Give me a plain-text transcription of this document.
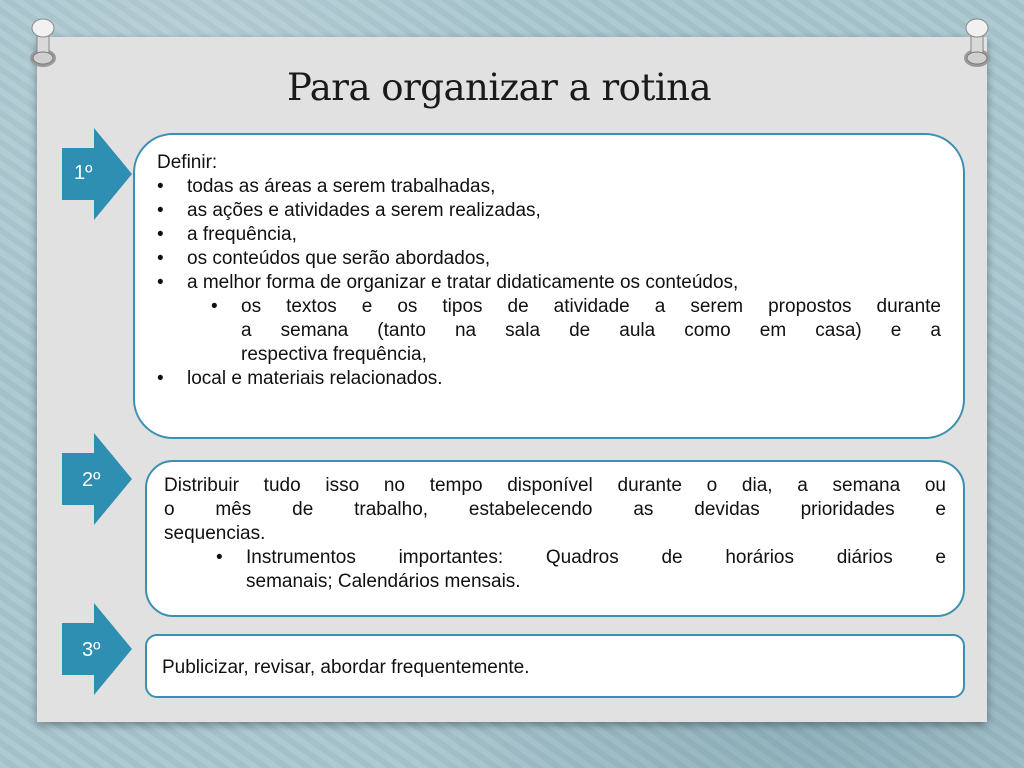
Para organizar a rotina
1º	Definir:
•	todas as áreas a serem trabalhadas,
•	as ações e atividades a serem realizadas,
•	a frequência,
•	os conteúdos que serão abordados,
•	a melhor forma de organizar e tratar didaticamente os conteúdos,
• os textos e os tipos de atividade a serem propostos durante
a semana (tanto na sala de aula como em casa) e a
respectiva frequência,
•	local e materiais relacionados.
2º	Distribuir tudo isso no tempo disponível durante o dia, a semana ou
o mês de trabalho, estabelecendo as devidas prioridades e
sequencias.
• Instrumentos importantes: Quadros de horários diários e
semanais; Calendários mensais.
3º
Publicizar, revisar, abordar frequentemente.
